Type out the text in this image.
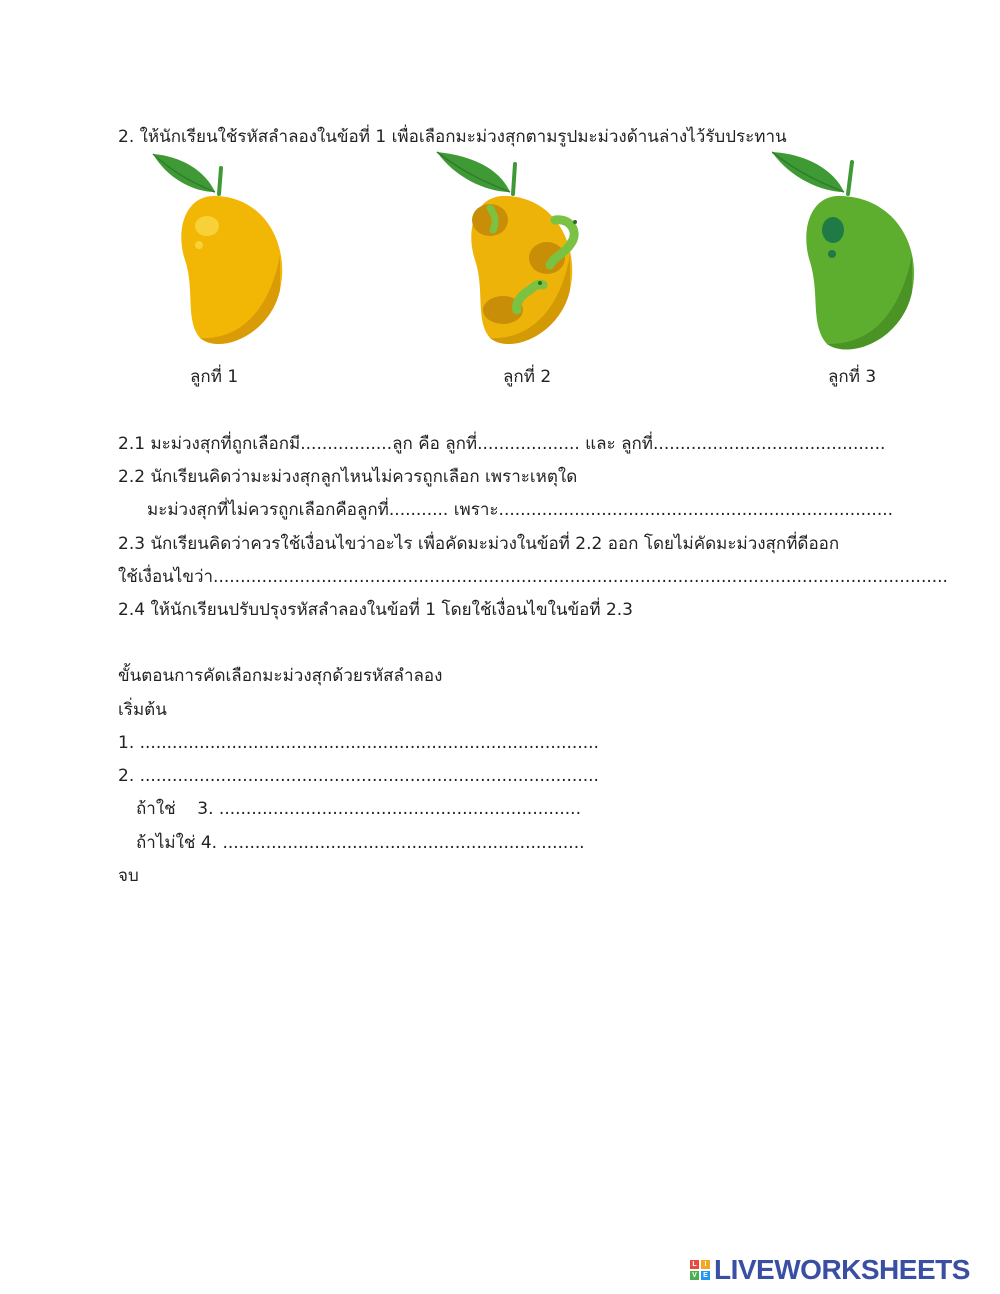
2. ให้นักเรียนใช้รหัสลำลองในข้อที่ 1 เพื่อเลือกมะม่วงสุกตามรูปมะม่วงด้านล่างไว้รับประทาน
ลูกที่ 1	ลูกที่ 2	ลูกที่ 3
2.1 มะม่วงสุกที่ถูกเลือกมี.................ลูก คือ ลูกที่................... และ ลูกที่...........................................
2.2 นักเรียนคิดว่ามะม่วงสุกลูกไหนไม่ควรถูกเลือก เพราะเหตุใด
มะม่วงสุกที่ไม่ควรถูกเลือกคือลูกที่........... เพราะ.........................................................................
2.3 นักเรียนคิดว่าควรใช้เงื่อนไขว่าอะไร เพื่อคัดมะม่วงในข้อที่ 2.2 ออก โดยไม่คัดมะม่วงสุกที่ดีออก
ใช้เงื่อนไขว่า........................................................................................................................................
2.4 ให้นักเรียนปรับปรุงรหัสลำลองในข้อที่ 1 โดยใช้เงื่อนไขในข้อที่ 2.3
ขั้นตอนการคัดเลือกมะม่วงสุกด้วยรหัสลำลอง
เริ่มต้น
1. .....................................................................................
2. .....................................................................................
ถ้าใช่    3. ...................................................................
ถ้าไม่ใช่ 4. ...................................................................
จบ
L	I
V E LIVEWORKSHEETS
